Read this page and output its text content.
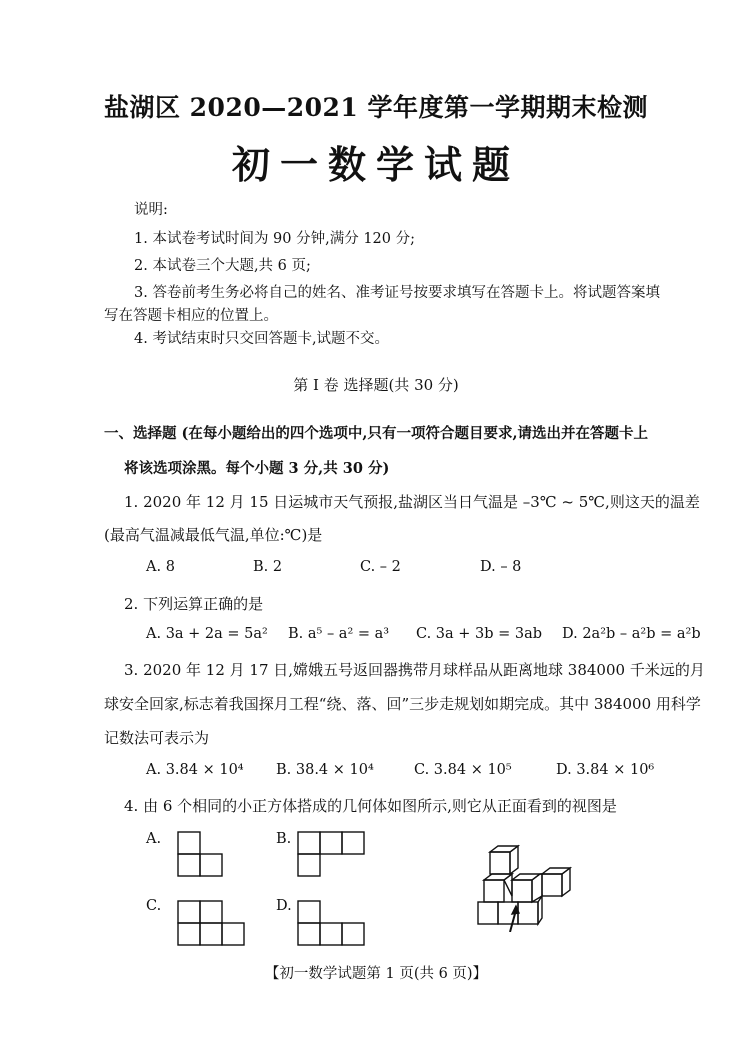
盐湖区 2020—2021 学年度第一学期期末检测
初一数学试题
说明:
1. 本试卷考试时间为 90 分钟,满分 120 分;
2. 本试卷三个大题,共 6 页;
3. 答卷前考生务必将自己的姓名、准考证号按要求填写在答题卡上。将试题答案填
写在答题卡相应的位置上。
4. 考试结束时只交回答题卡,试题不交。
第 I 卷 选择题(共 30 分)
一、选择题 (在每小题给出的四个选项中,只有一项符合题目要求,请选出并在答题卡上
将该选项涂黑。每个小题 3 分,共 30 分)
1. 2020 年 12 月 15 日运城市天气预报,盐湖区当日气温是 –3℃ ~ 5℃,则这天的温差
(最高气温减最低气温,单位:℃)是
A. 8	B. 2	C. – 2	D. – 8
2. 下列运算正确的是
A. 3a + 2a = 5a² B. a⁵ – a² = a³ C. 3a + 3b = 3ab D. 2a²b – a²b = a²b
3. 2020 年 12 月 17 日,嫦娥五号返回器携带月球样品从距离地球 384000 千米远的月
球安全回家,标志着我国探月工程“绕、落、回”三步走规划如期完成。其中 384000 用科学
记数法可表示为
A. 3.84 × 10⁴ B. 38.4 × 10⁴	C. 3.84 × 10⁵	D. 3.84 × 10⁶
4. 由 6 个相同的小正方体搭成的几何体如图所示,则它从正面看到的视图是
A.	B.
C.	D.
【初一数学试题第 1 页(共 6 页)】
